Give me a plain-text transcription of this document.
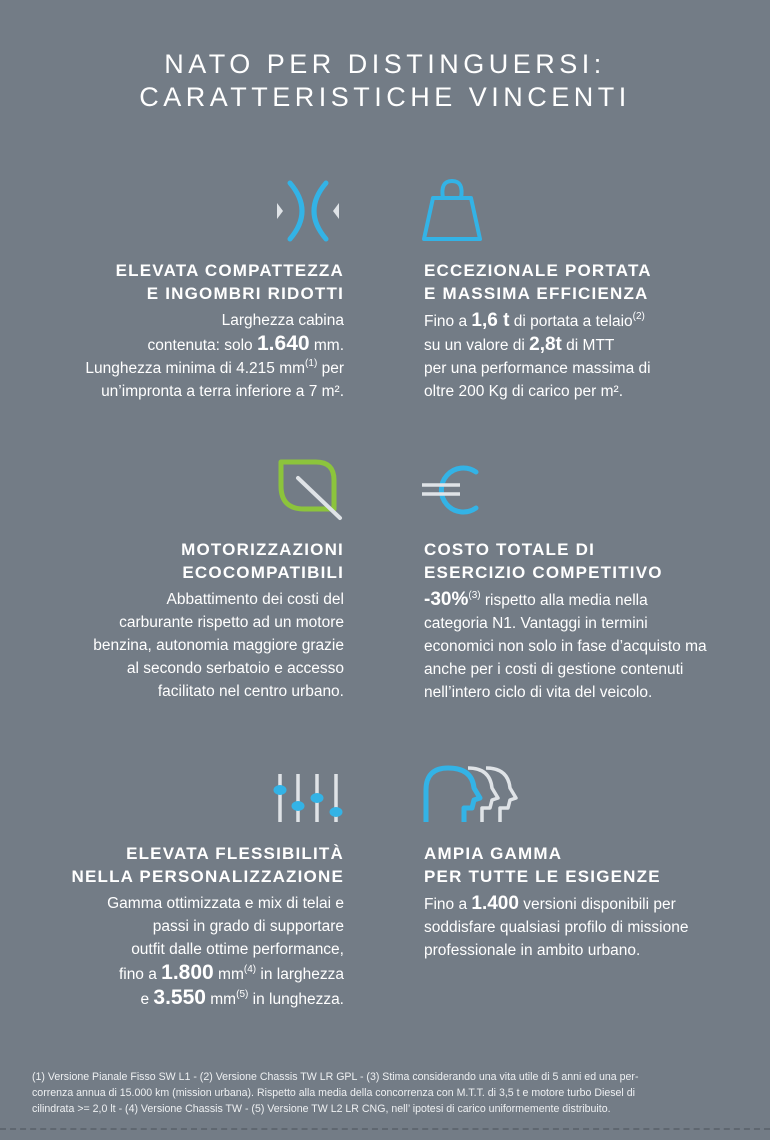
NATO PER DISTINGUERSI:
CARATTERISTICHE VINCENTI
ELEVATA COMPATTEZZA
E INGOMBRI RIDOTTI

Larghezza cabina
contenuta: solo 1.640 mm.
Lunghezza minima di 4.215 $mm^{(1)}$ per
un’impronta a terra inferiore a 7 m².

ECCEZIONALE PORTATA
E MASSIMA EFFICIENZA

Fino a 1,6 t di portata a telaio$^{(2)}$
su un valore di 2,8t di MTT
per una performance massima di
oltre 200 Kg di carico per m².

MOTORIZZAZIONI
ECOCOMPATIBILI

Abbattimento dei costi del
carburante rispetto ad un motore
benzina, autonomia maggiore grazie
al secondo serbatoio e accesso
facilitato nel centro urbano.

COSTO TOTALE DI
ESERCIZIO COMPETITIVO

-30%$^{(3)}$ rispetto alla media nella
categoria N1. Vantaggi in termini
economici non solo in fase d’acquisto ma
anche per i costi di gestione contenuti
nell’intero ciclo di vita del veicolo.

ELEVATA FLESSIBILITÀ
NELLA PERSONALIZZAZIONE

Gamma ottimizzata e mix di telai e
passi in grado di supportare
outfit dalle ottime performance,
fino a 1.800 $mm^{(4)}$ in larghezza
e 3.550 $mm^{(5)}$ in lunghezza.

AMPIA GAMMA
PER TUTTE LE ESIGENZE

Fino a 1.400 versioni disponibili per
soddisfare qualsiasi profilo di missione
professionale in ambito urbano.

(1) Versione Pianale Fisso SW L1 - (2) Versione Chassis TW LR GPL - (3) Stima considerando una vita utile di 5 anni ed una per-
correnza annua di 15.000 km (mission urbana). Rispetto alla media della concorrenza con M.T.T. di 3,5 t e motore turbo Diesel di
cilindrata >= 2,0 lt - (4) Versione Chassis TW - (5) Versione TW L2 LR CNG, nell’ ipotesi di carico uniformemente distribuito.
